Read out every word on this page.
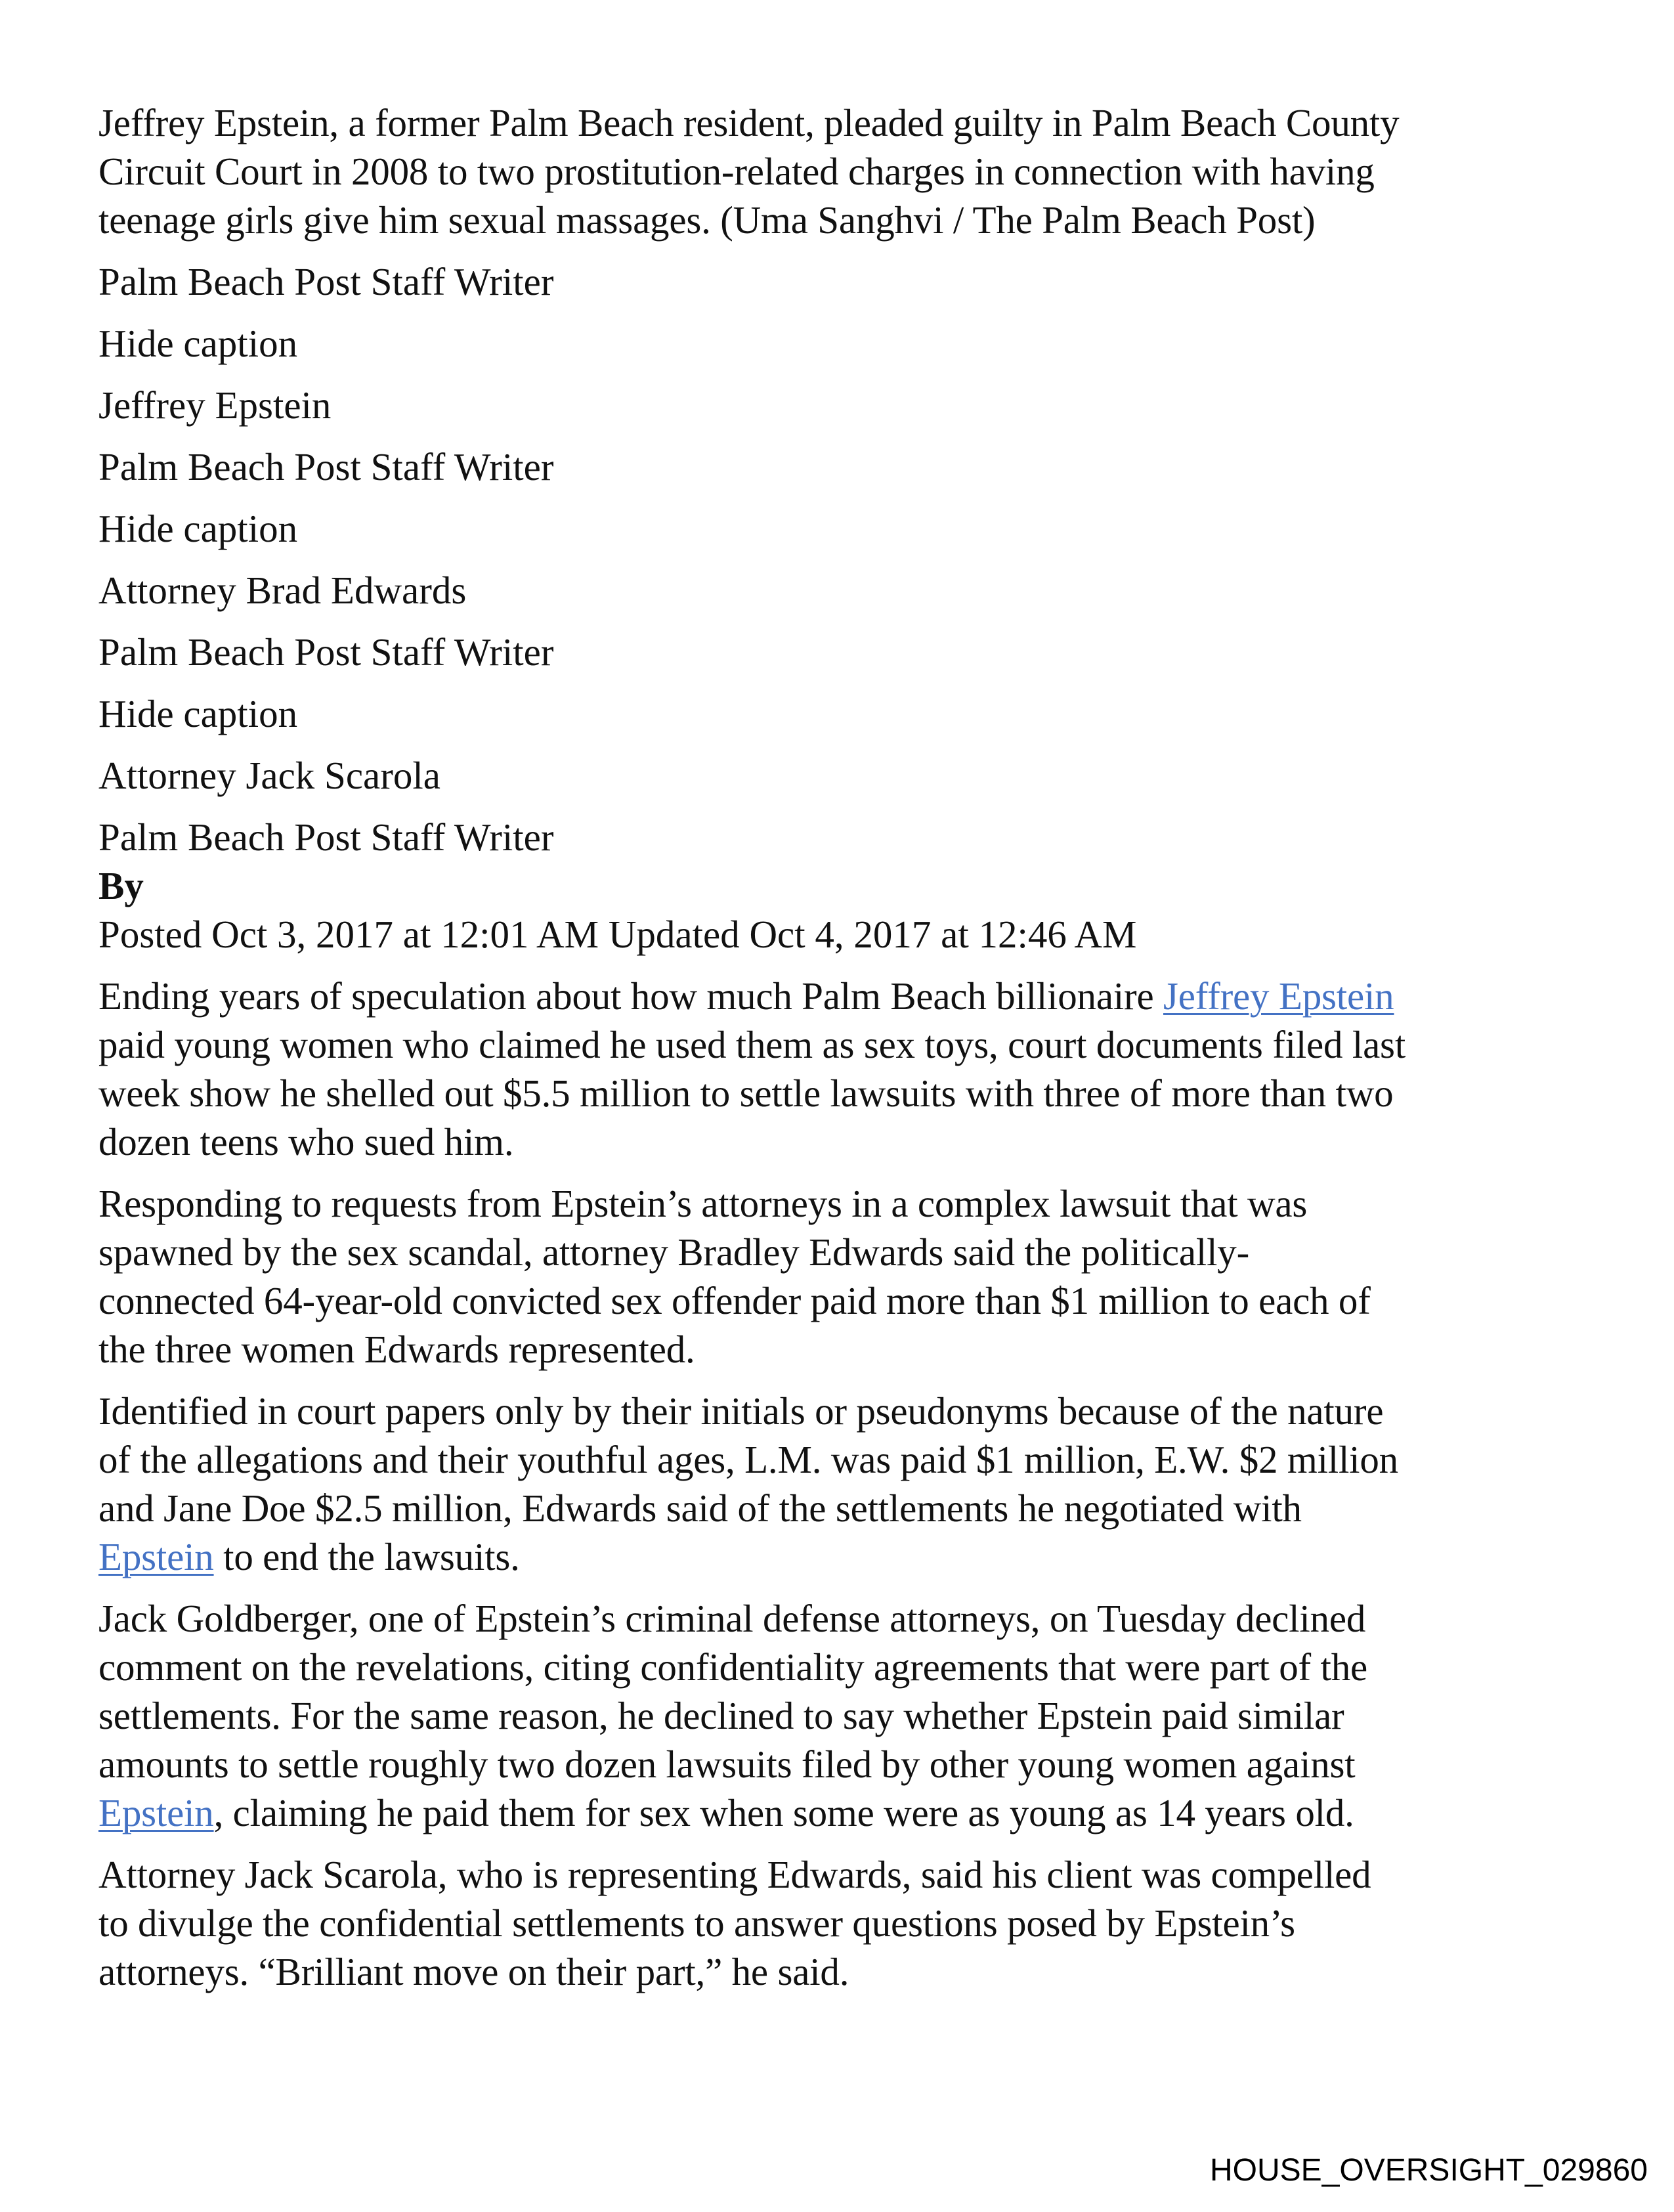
Jeffrey Epstein, a former Palm Beach resident, pleaded guilty in Palm Beach County
Circuit Court in 2008 to two prostitution-related charges in connection with having
teenage girls give him sexual massages. (Uma Sanghvi / The Palm Beach Post)
Palm Beach Post Staff Writer
Hide caption
Jeffrey Epstein
Palm Beach Post Staff Writer
Hide caption
Attorney Brad Edwards
Palm Beach Post Staff Writer
Hide caption
Attorney Jack Scarola
Palm Beach Post Staff Writer
By
Posted Oct 3, 2017 at 12:01 AM Updated Oct 4, 2017 at 12:46 AM
Ending years of speculation about how much Palm Beach billionaire Jeffrey Epstein
paid young women who claimed he used them as sex toys, court documents filed last
week show he shelled out $5.5 million to settle lawsuits with three of more than two
dozen teens who sued him.
Responding to requests from Epstein’s attorneys in a complex lawsuit that was
spawned by the sex scandal, attorney Bradley Edwards said the politically-
connected 64-year-old convicted sex offender paid more than $1 million to each of
the three women Edwards represented.
Identified in court papers only by their initials or pseudonyms because of the nature
of the allegations and their youthful ages, L.M. was paid $1 million, E.W. $2 million
and Jane Doe $2.5 million, Edwards said of the settlements he negotiated with
Epstein to end the lawsuits.
Jack Goldberger, one of Epstein’s criminal defense attorneys, on Tuesday declined
comment on the revelations, citing confidentiality agreements that were part of the
settlements. For the same reason, he declined to say whether Epstein paid similar
amounts to settle roughly two dozen lawsuits filed by other young women against
Epstein, claiming he paid them for sex when some were as young as 14 years old.
Attorney Jack Scarola, who is representing Edwards, said his client was compelled
to divulge the confidential settlements to answer questions posed by Epstein’s
attorneys. “Brilliant move on their part,” he said.
HOUSE_OVERSIGHT_029860
